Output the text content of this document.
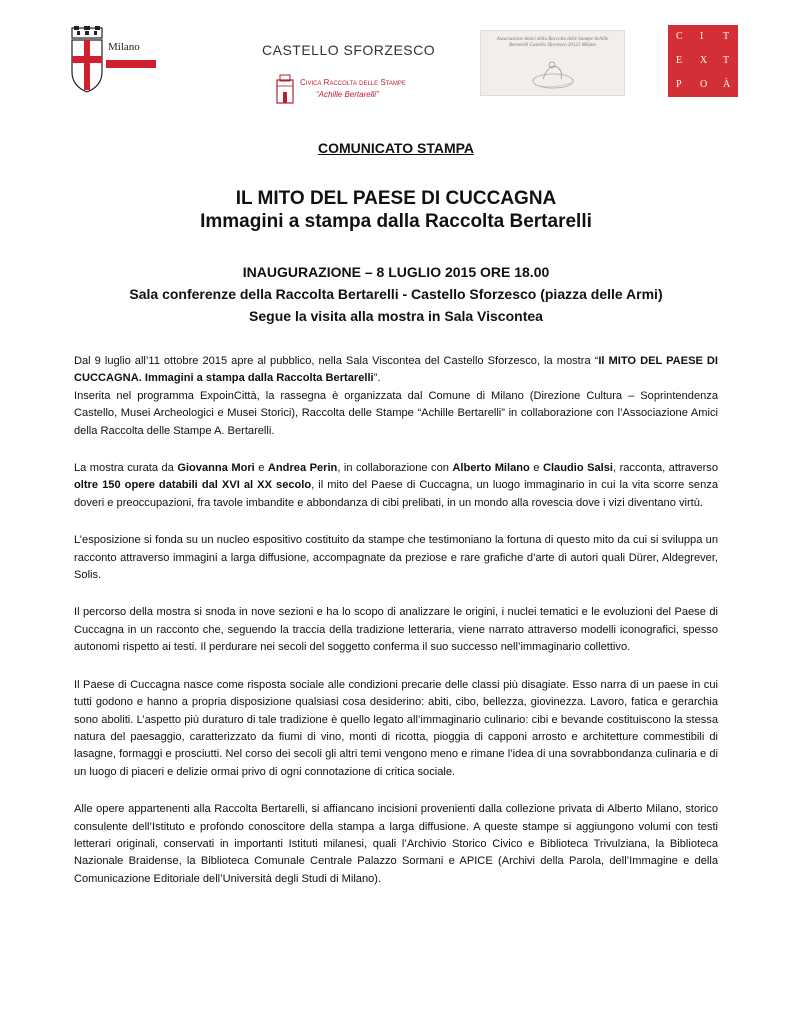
Milano	CASTELLO SFORZESCO
Civica Raccolta delle Stampe
“Achille Bertarelli”
Associazione Amici della Raccolta delle Stampe Achille Bertarelli Castello Sforzesco 20121 Milano
C I T
E X T
P O À

COMUNICATO STAMPA

IL MITO DEL PAESE DI CUCCAGNA

Immagini a stampa dalla Raccolta Bertarelli

INAUGURAZIONE – 8 LUGLIO 2015 ORE 18.00

Sala conferenze della Raccolta Bertarelli - Castello Sforzesco (piazza delle Armi)

Segue la visita alla mostra in Sala Viscontea

Dal 9 luglio all’11 ottobre 2015 apre al pubblico, nella Sala Viscontea del Castello Sforzesco, la mostra “Il MITO DEL PAESE DI CUCCAGNA. Immagini a stampa dalla Raccolta Bertarelli”.
Inserita nel programma ExpoinCittà, la rassegna è organizzata dal Comune di Milano (Direzione Cultura – Soprintendenza Castello, Musei Archeologici e Musei Storici), Raccolta delle Stampe “Achille Bertarelli” in collaborazione con l’Associazione Amici della Raccolta delle Stampe A. Bertarelli.

La mostra curata da Giovanna Mori e Andrea Perin, in collaborazione con Alberto Milano e Claudio Salsi, racconta, attraverso oltre 150 opere databili dal XVI al XX secolo, il mito del Paese di Cuccagna, un luogo immaginario in cui la vita scorre senza doveri e preoccupazioni, fra tavole imbandite e abbondanza di cibi prelibati, in un mondo alla rovescia dove i vizi diventano virtù.

L’esposizione si fonda su un nucleo espositivo costituito da stampe che testimoniano la fortuna di questo mito da cui si sviluppa un racconto attraverso immagini a larga diffusione, accompagnate da preziose e rare grafiche d’arte di autori quali Dürer, Aldegrever, Solis.

Il percorso della mostra si snoda in nove sezioni e ha lo scopo di analizzare le origini, i nuclei tematici e le evoluzioni del Paese di Cuccagna in un racconto che, seguendo la traccia della tradizione letteraria, viene narrato attraverso modelli iconografici, spesso autonomi rispetto ai testi. Il perdurare nei secoli del soggetto conferma il suo successo nell’immaginario collettivo.

Il Paese di Cuccagna nasce come risposta sociale alle condizioni precarie delle classi più disagiate. Esso narra di un paese in cui tutti godono e hanno a propria disposizione qualsiasi cosa desiderino: abiti, cibo, bellezza, giovinezza. Lavoro, fatica e gerarchia sono aboliti. L’aspetto più duraturo di tale tradizione è quello legato all’immaginario culinario: cibi e bevande costituiscono la stessa natura del paesaggio, caratterizzato da fiumi di vino, monti di ricotta, pioggia di capponi arrosto e architetture commestibili di lasagne, formaggi e prosciutti. Nel corso dei secoli gli altri temi vengono meno e rimane l’idea di una sovrabbondanza culinaria e di un luogo di piaceri e delizie ormai privo di ogni connotazione di critica sociale.

Alle opere appartenenti alla Raccolta Bertarelli, si affiancano incisioni provenienti dalla collezione privata di Alberto Milano, storico consulente dell’Istituto e profondo conoscitore della stampa a larga diffusione. A queste stampe si aggiungono volumi con testi letterari originali, conservati in importanti Istituti milanesi, quali l’Archivio Storico Civico e Biblioteca Trivulziana, la Biblioteca Nazionale Braidense, la Biblioteca Comunale Centrale Palazzo Sormani e APICE (Archivi della Parola, dell’Immagine e della Comunicazione Editoriale dell’Università degli Studi di Milano).
